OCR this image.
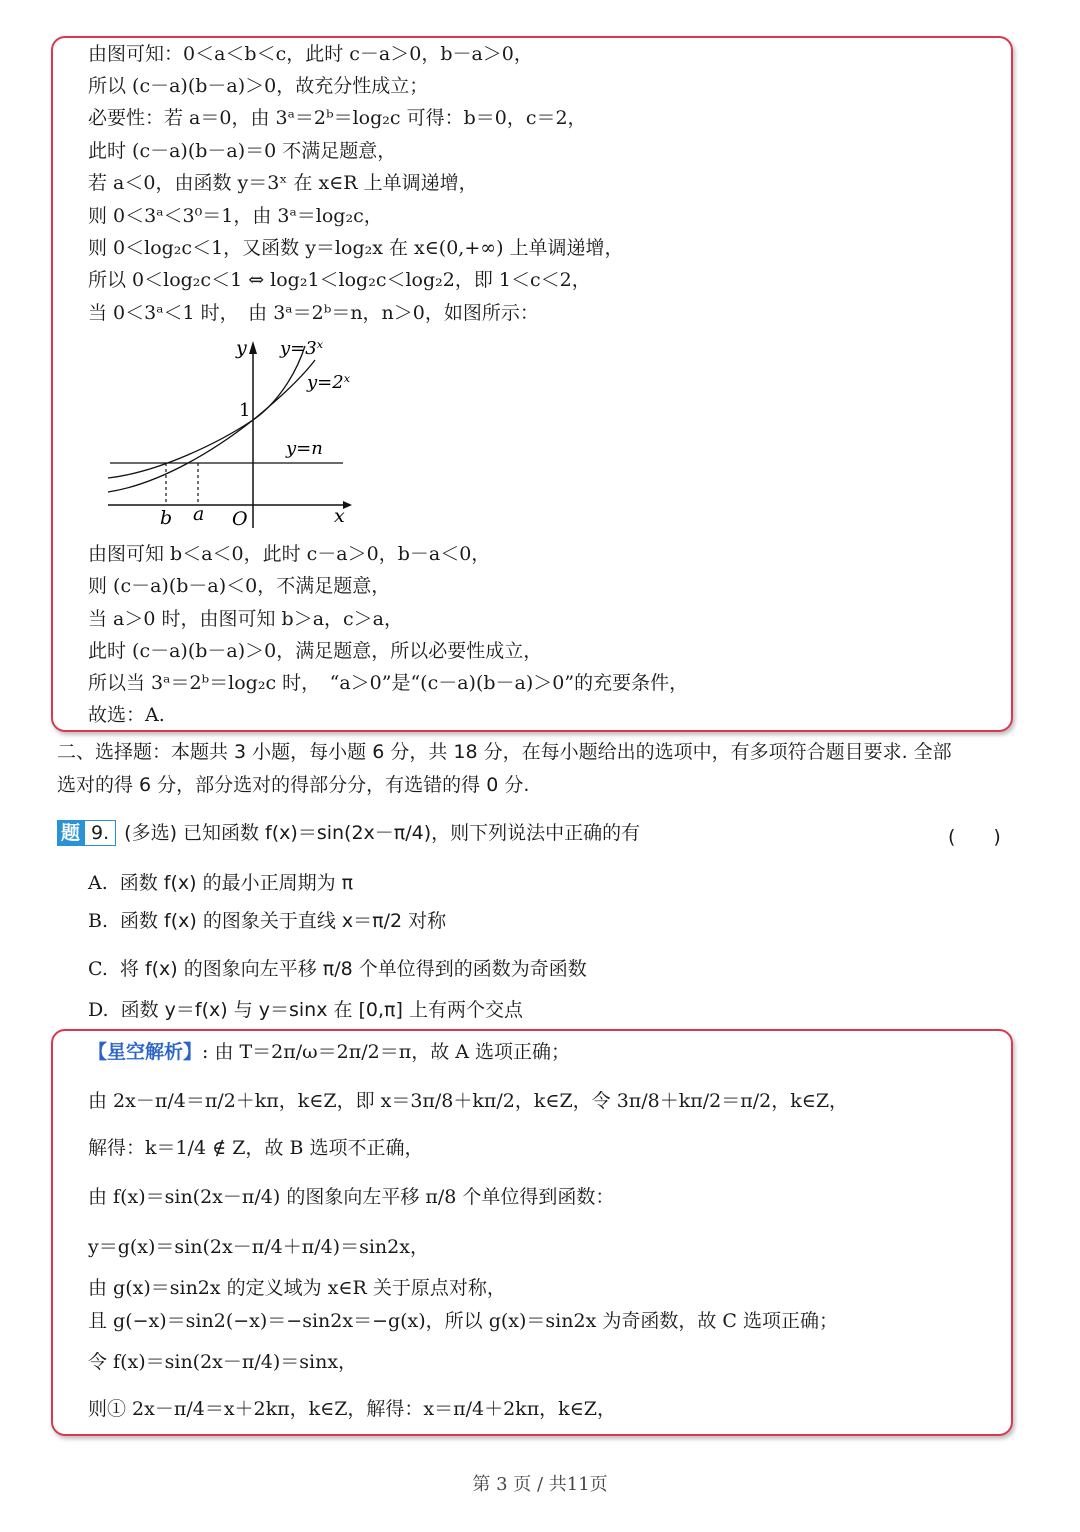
由图可知：0＜a＜b＜c，此时 c－a＞0，b－a＞0，
所以 (c－a)(b－a)＞0，故充分性成立；
必要性：若 a＝0，由 3ᵃ＝2ᵇ＝log₂c 可得：b＝0，c＝2，
此时 (c－a)(b－a)＝0 不满足题意，
若 a＜0，由函数 y＝3ˣ 在 x∈R 上单调递增，
则 0＜3ᵃ＜3⁰＝1，由 3ᵃ＝log₂c，
则 0＜log₂c＜1，又函数 y＝log₂x 在 x∈(0,+∞) 上单调递增，
所以 0＜log₂c＜1 ⇔ log₂1＜log₂c＜log₂2，即 1＜c＜2，
当 0＜3ᵃ＜1 时，　由 3ᵃ＝2ᵇ＝n，n＞0，如图所示：
y
x
O
1
y=3ˣ
y=2ˣ
y=n
b a
由图可知 b＜a＜0，此时 c－a＞0，b－a＜0，
则 (c－a)(b－a)＜0，不满足题意，
当 a＞0 时，由图可知 b＞a，c＞a，
此时 (c－a)(b－a)＞0，满足题意，所以必要性成立，
所以当 3ᵃ＝2ᵇ＝log₂c 时，　“a＞0”是“(c－a)(b－a)＞0”的充要条件，
故选：A.
二、选择题：本题共 3 小题，每小题 6 分，共 18 分，在每小题给出的选项中，有多项符合题目要求. 全部
选对的得 6 分，部分选对的得部分分，有选错的得 0 分.
题 9. (多选) 已知函数 f(x)＝sin(2x－π/4)，则下列说法中正确的有	(　　)
A. 函数 f(x) 的最小正周期为 π
B. 函数 f(x) 的图象关于直线 x＝π/2 对称
C. 将 f(x) 的图象向左平移 π/8 个单位得到的函数为奇函数
D. 函数 y＝f(x) 与 y＝sinx 在 [0,π] 上有两个交点
【星空解析】: 由 T＝2π/ω＝2π/2＝π，故 A 选项正确；
由 2x－π/4＝π/2＋kπ，k∈Z，即 x＝3π/8＋kπ/2，k∈Z，令 3π/8＋kπ/2＝π/2，k∈Z，
解得：k＝1/4 ∉ Z，故 B 选项不正确，
由 f(x)＝sin(2x－π/4) 的图象向左平移 π/8 个单位得到函数：
y＝g(x)＝sin(2x－π/4＋π/4)＝sin2x，
由 g(x)＝sin2x 的定义域为 x∈R 关于原点对称，
且 g(−x)＝sin2(−x)＝−sin2x＝−g(x)，所以 g(x)＝sin2x 为奇函数，故 C 选项正确；
令 f(x)＝sin(2x－π/4)＝sinx，
则① 2x－π/4＝x＋2kπ，k∈Z，解得：x＝π/4＋2kπ，k∈Z，
第 3 页 / 共11页
